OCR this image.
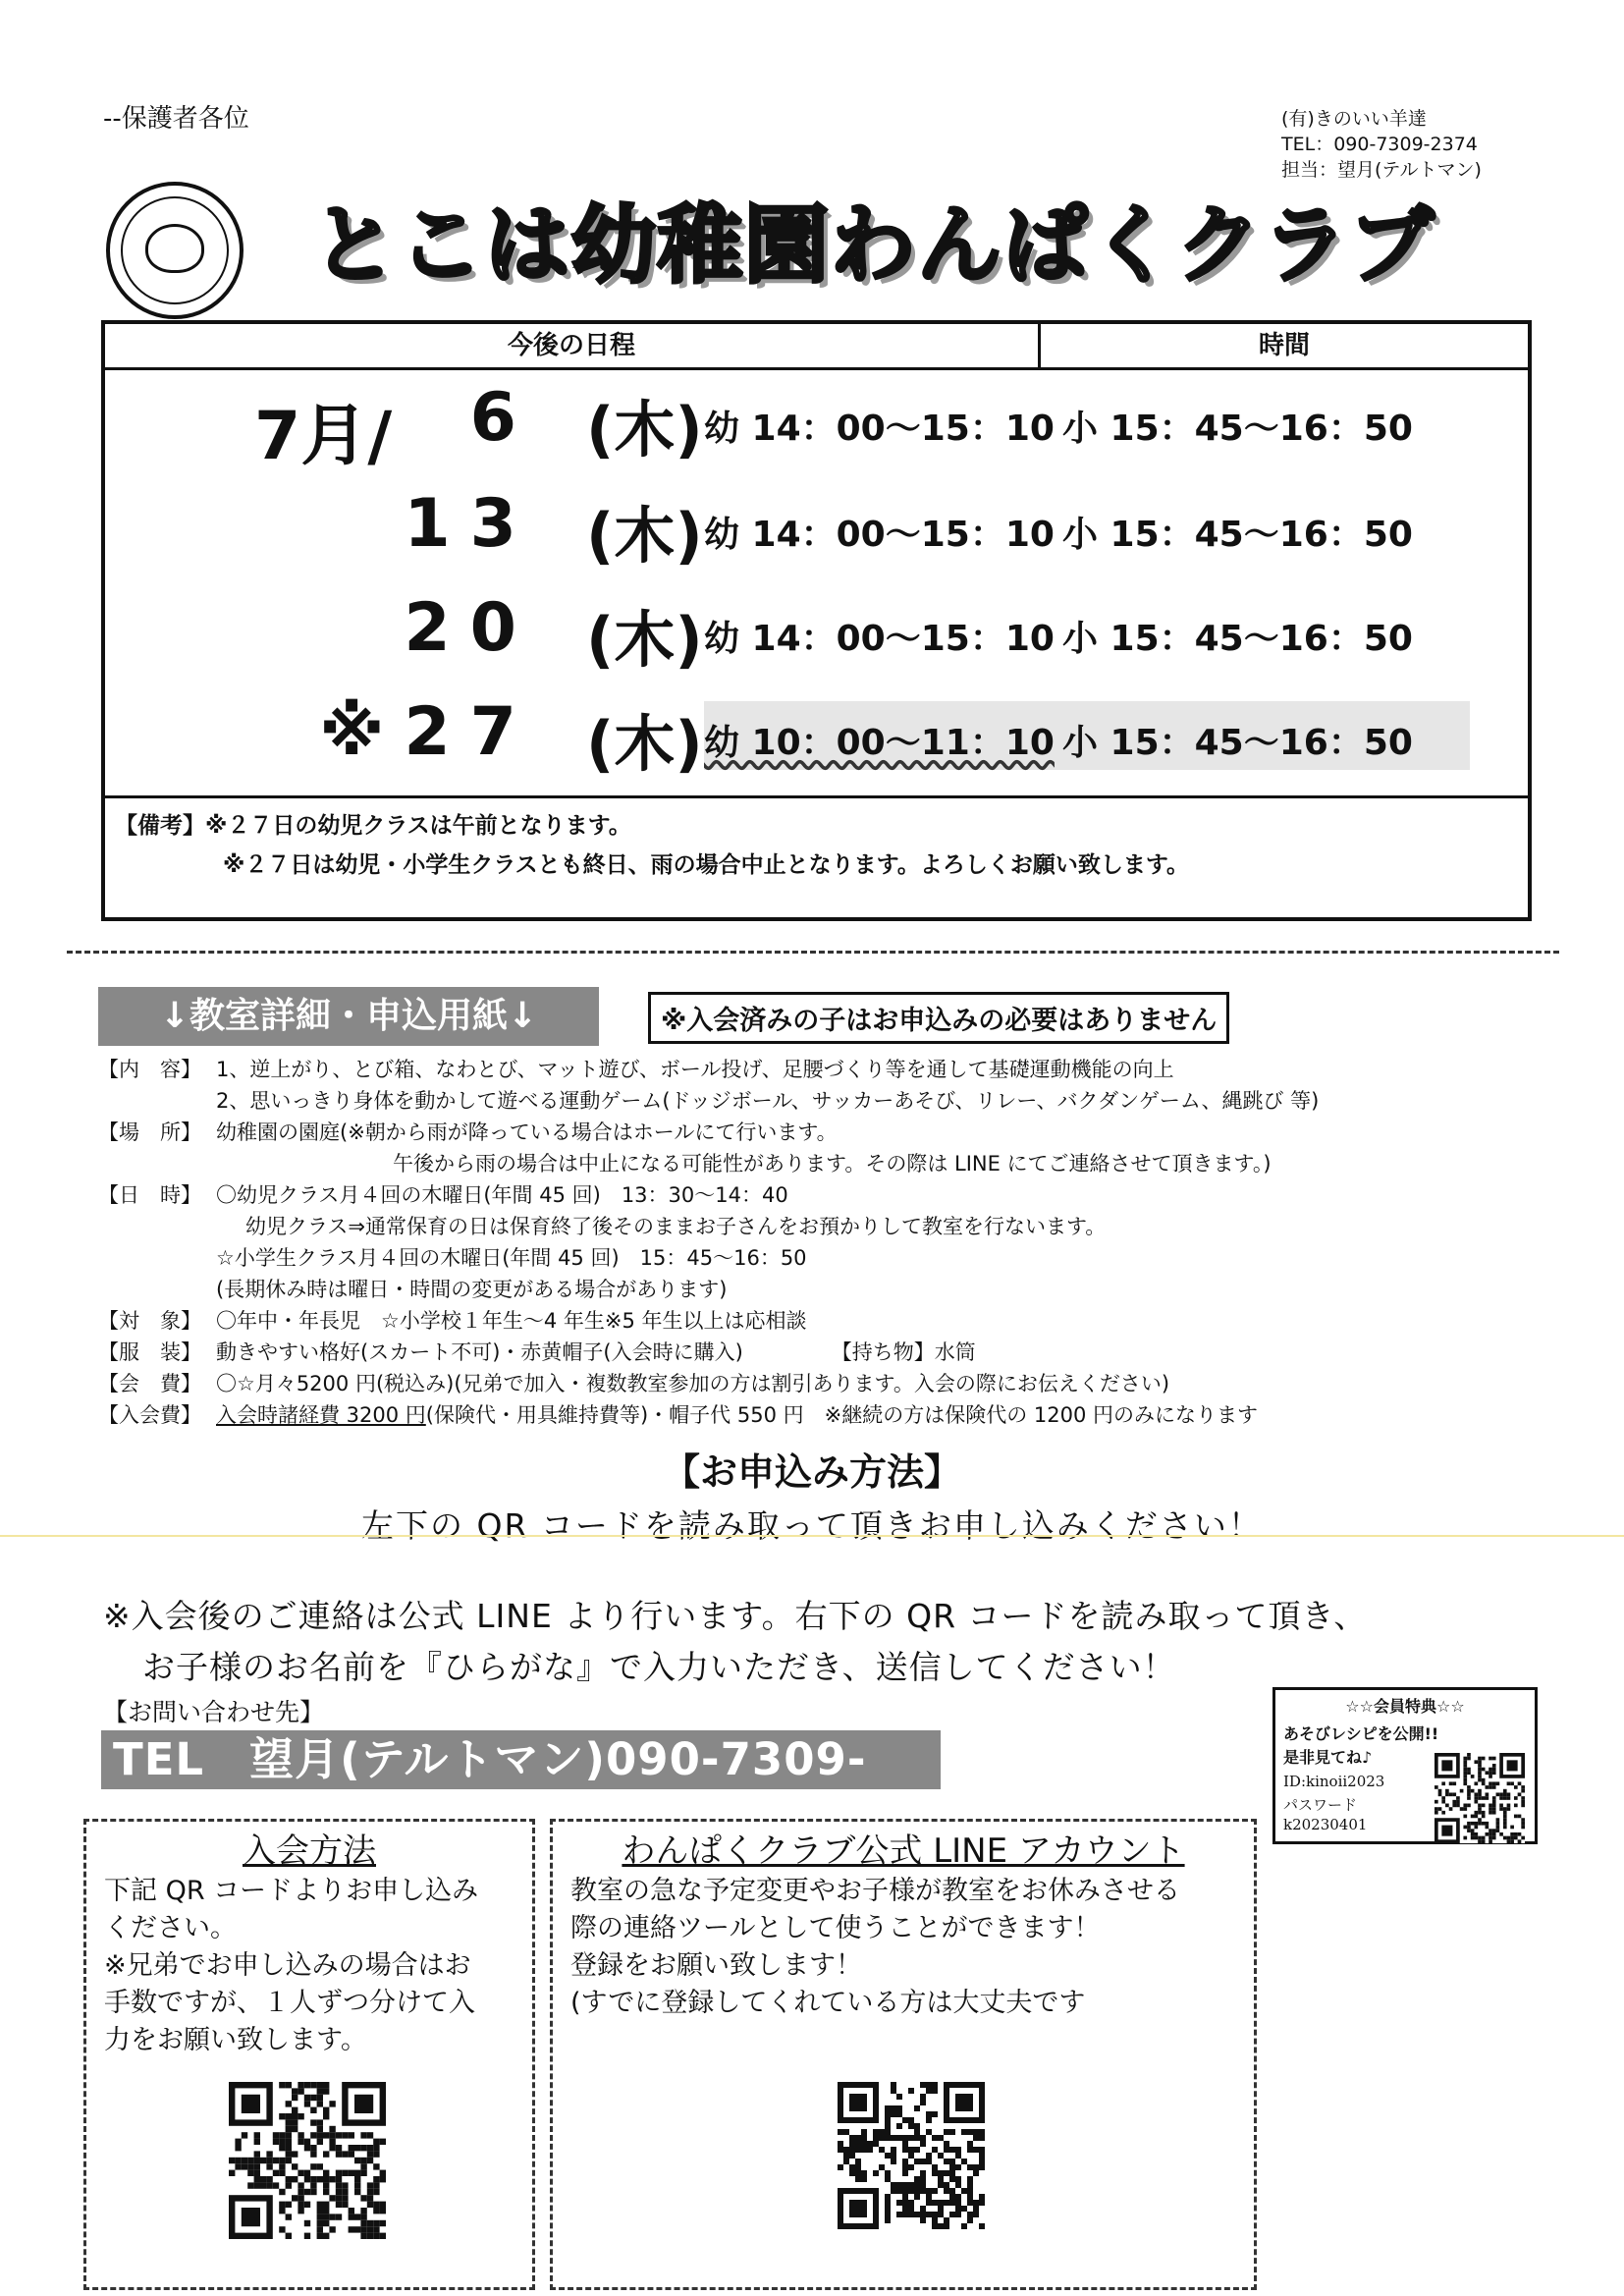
--保護者各位	(有)きのいい羊達
TEL：090-7309-2374
担当：望月(テルトマン)
とこは幼稚園わんぱくクラブ
今後の日程	時間
7月/ 6 (木) 幼 14：00〜15：10 小 15：45〜16：50
13 (木) 幼 14：00〜15：10 小 15：45〜16：50
20 (木) 幼 14：00〜15：10 小 15：45〜16：50
※27 (木) 幼 10：00〜11：10 小 15：45〜16：50
【備考】※２７日の幼児クラスは午前となります。
※２７日は幼児・小学生クラスとも終日、雨の場合中止となります。よろしくお願い致します。
↓教室詳細・申込用紙↓	※入会済みの子はお申込みの必要はありません
【内　容】 1、逆上がり、とび箱、なわとび、マット遊び、ボール投げ、足腰づくり等を通して基礎運動機能の向上
2、思いっきり身体を動かして遊べる運動ゲーム(ドッジボール、サッカーあそび、リレー、バクダンゲーム、縄跳び 等)
【場　所】 幼稚園の園庭(※朝から雨が降っている場合はホールにて行います。
午後から雨の場合は中止になる可能性があります。その際は LINE にてご連絡させて頂きます。)
【日　時】 〇幼児クラス月４回の木曜日(年間 45 回)　13：30〜14：40
幼児クラス⇒通常保育の日は保育終了後そのままお子さんをお預かりして教室を行ないます。
☆小学生クラス月４回の木曜日(年間 45 回)　15：45〜16：50
(長期休み時は曜日・時間の変更がある場合があります)
【対　象】 〇年中・年長児　☆小学校１年生〜4 年生※5 年生以上は応相談
【服　装】 動きやすい格好(スカート不可)・赤黄帽子(入会時に購入)	【持ち物】水筒
【会　費】 〇☆月々5200 円(税込み)(兄弟で加入・複数教室参加の方は割引あります。入会の際にお伝えください)
【入会費】 入会時諸経費 3200 円(保険代・用具維持費等)・帽子代 550 円　※継続の方は保険代の 1200 円のみになります
【お申込み方法】
左下の QR コードを読み取って頂きお申し込みください！
※入会後のご連絡は公式 LINE より行います。右下の QR コードを読み取って頂き、
お子様のお名前を『ひらがな』で入力いただき、送信してください！
【お問い合わせ先】
TEL　望月(テルトマン)090-7309-2374
☆☆会員特典☆☆
あそびレシピを公開!!
是非見てね♪
ID:kinoii2023
パスワード
k20230401
入会方法
下記 QR コードよりお申し込み
ください。
※兄弟でお申し込みの場合はお
手数ですが、１人ずつ分けて入
力をお願い致します。
わんぱくクラブ公式 LINE アカウント
教室の急な予定変更やお子様が教室をお休みさせる
際の連絡ツールとして使うことができます！
登録をお願い致します！
(すでに登録してくれている方は大丈夫です
